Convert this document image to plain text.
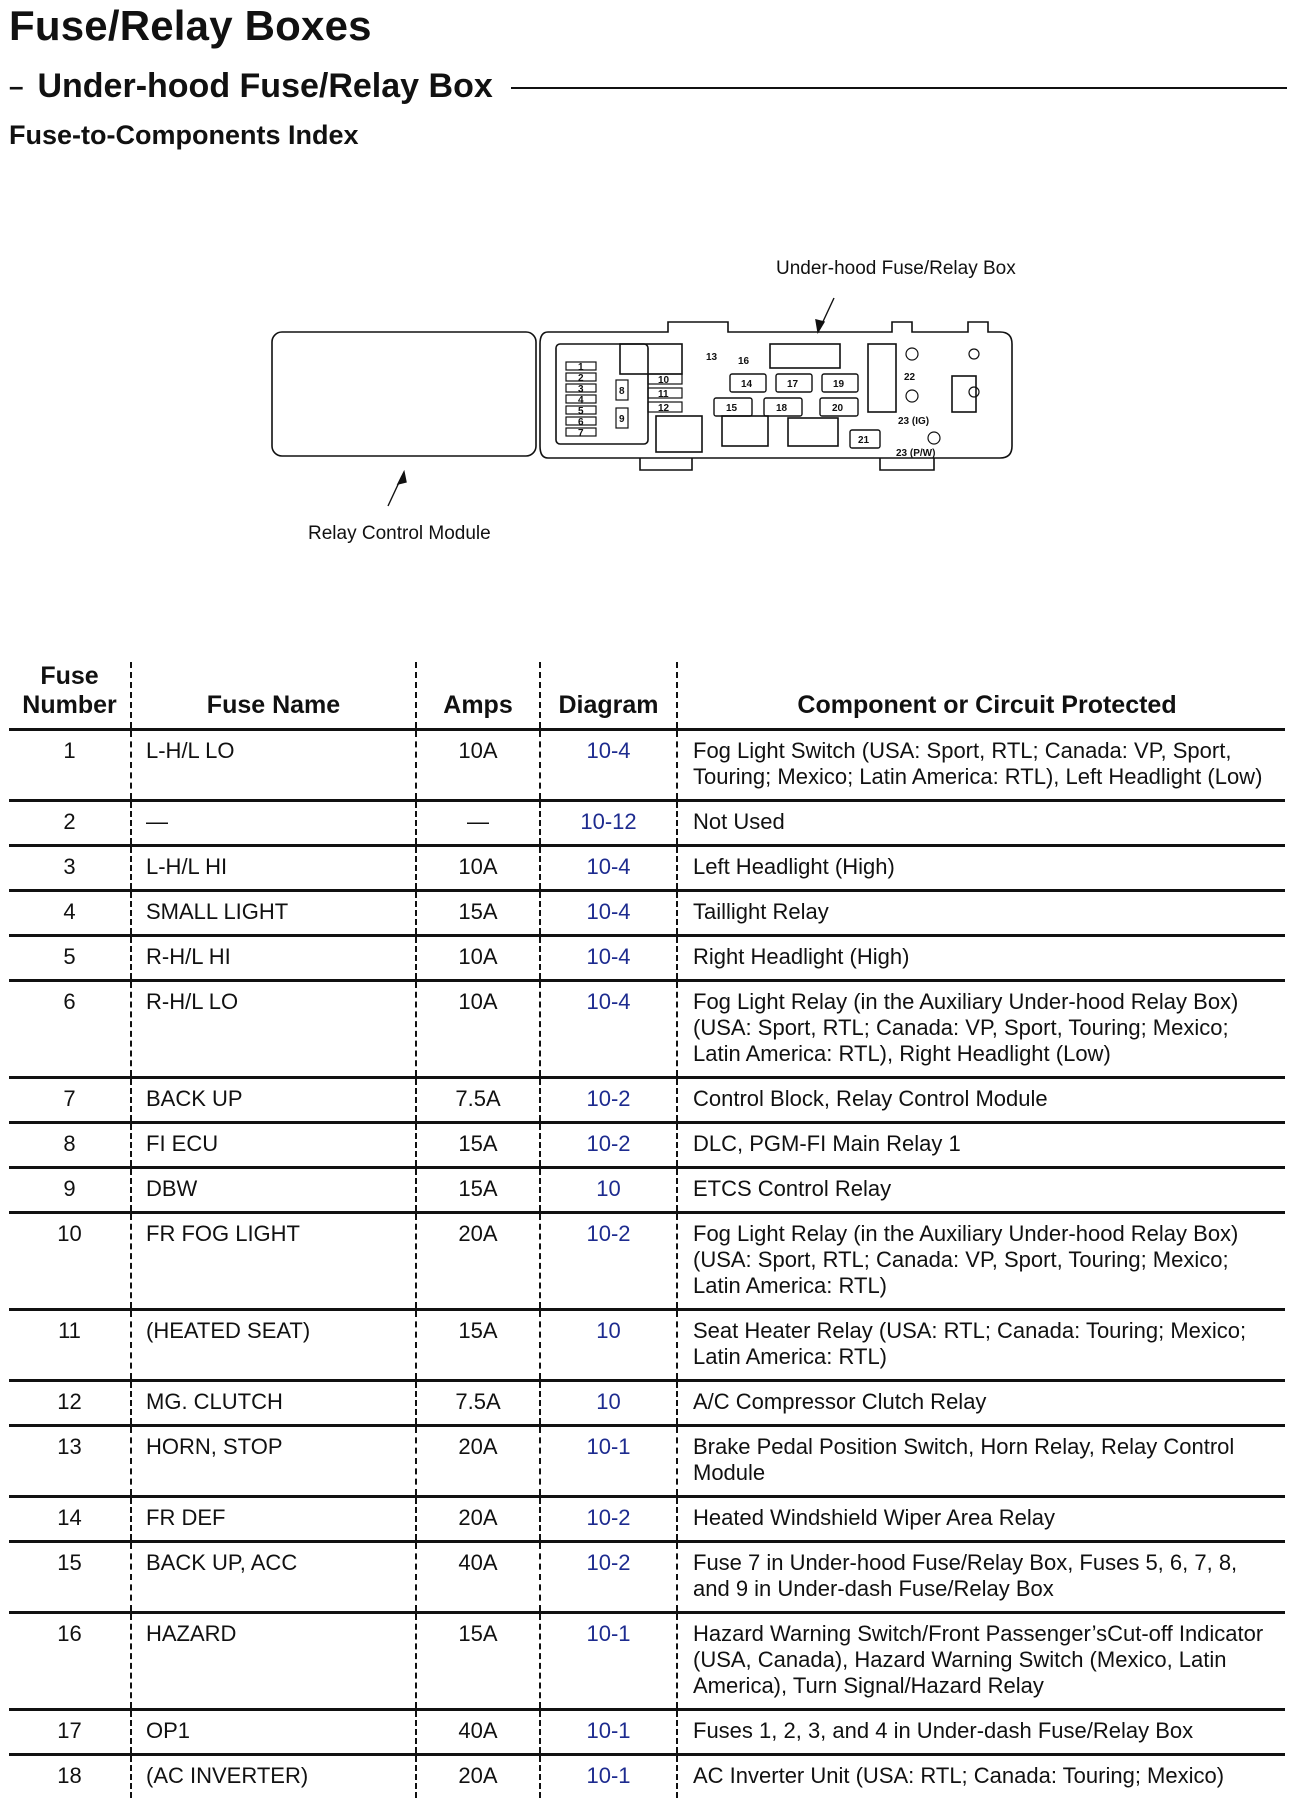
Fuse/Relay Boxes
– Under-hood Fuse/Relay Box
Fuse-to-Components Index
Under-hood Fuse/Relay Box
Relay Control Module
1
2
3
4
5
6
7
8
9
10
11
12
13 16
14	17	19
15	18	20
21
22
23 (IG)
23 (P/W)
Fuse
Number	Fuse Name	Amps	Diagram	Component or Circuit Protected
1	L-H/L LO	10A	10-4	Fog Light Switch (USA: Sport, RTL; Canada: VP, Sport, Touring; Mexico; Latin America: RTL), Left Headlight (Low)
2	—	—	10-12	Not Used
3	L-H/L HI	10A	10-4	Left Headlight (High)
4	SMALL LIGHT	15A	10-4	Taillight Relay
5	R-H/L HI	10A	10-4	Right Headlight (High)
6	R-H/L LO	10A	10-4	Fog Light Relay (in the Auxiliary Under-hood Relay Box) (USA: Sport, RTL; Canada: VP, Sport, Touring; Mexico; Latin America: RTL), Right Headlight (Low)
7	BACK UP	7.5A	10-2	Control Block, Relay Control Module
8	FI ECU	15A	10-2	DLC, PGM-FI Main Relay 1
9	DBW	15A	10	ETCS Control Relay
10	FR FOG LIGHT	20A	10-2	Fog Light Relay (in the Auxiliary Under-hood Relay Box) (USA: Sport, RTL; Canada: VP, Sport, Touring; Mexico; Latin America: RTL)
11	(HEATED SEAT)	15A	10	Seat Heater Relay (USA: RTL; Canada: Touring; Mexico; Latin America: RTL)
12	MG. CLUTCH	7.5A	10	A/C Compressor Clutch Relay
13	HORN, STOP	20A	10-1	Brake Pedal Position Switch, Horn Relay, Relay Control Module
14	FR DEF	20A	10-2	Heated Windshield Wiper Area Relay
15	BACK UP, ACC	40A	10-2	Fuse 7 in Under-hood Fuse/Relay Box, Fuses 5, 6, 7, 8, and 9 in Under-dash Fuse/Relay Box
16	HAZARD	15A	10-1	Hazard Warning Switch/Front Passenger’sCut-off Indicator (USA, Canada), Hazard Warning Switch (Mexico, Latin America), Turn Signal/Hazard Relay
17	OP1	40A	10-1	Fuses 1, 2, 3, and 4 in Under-dash Fuse/Relay Box
18	(AC INVERTER)	20A	10-1	AC Inverter Unit (USA: RTL; Canada: Touring; Mexico)
